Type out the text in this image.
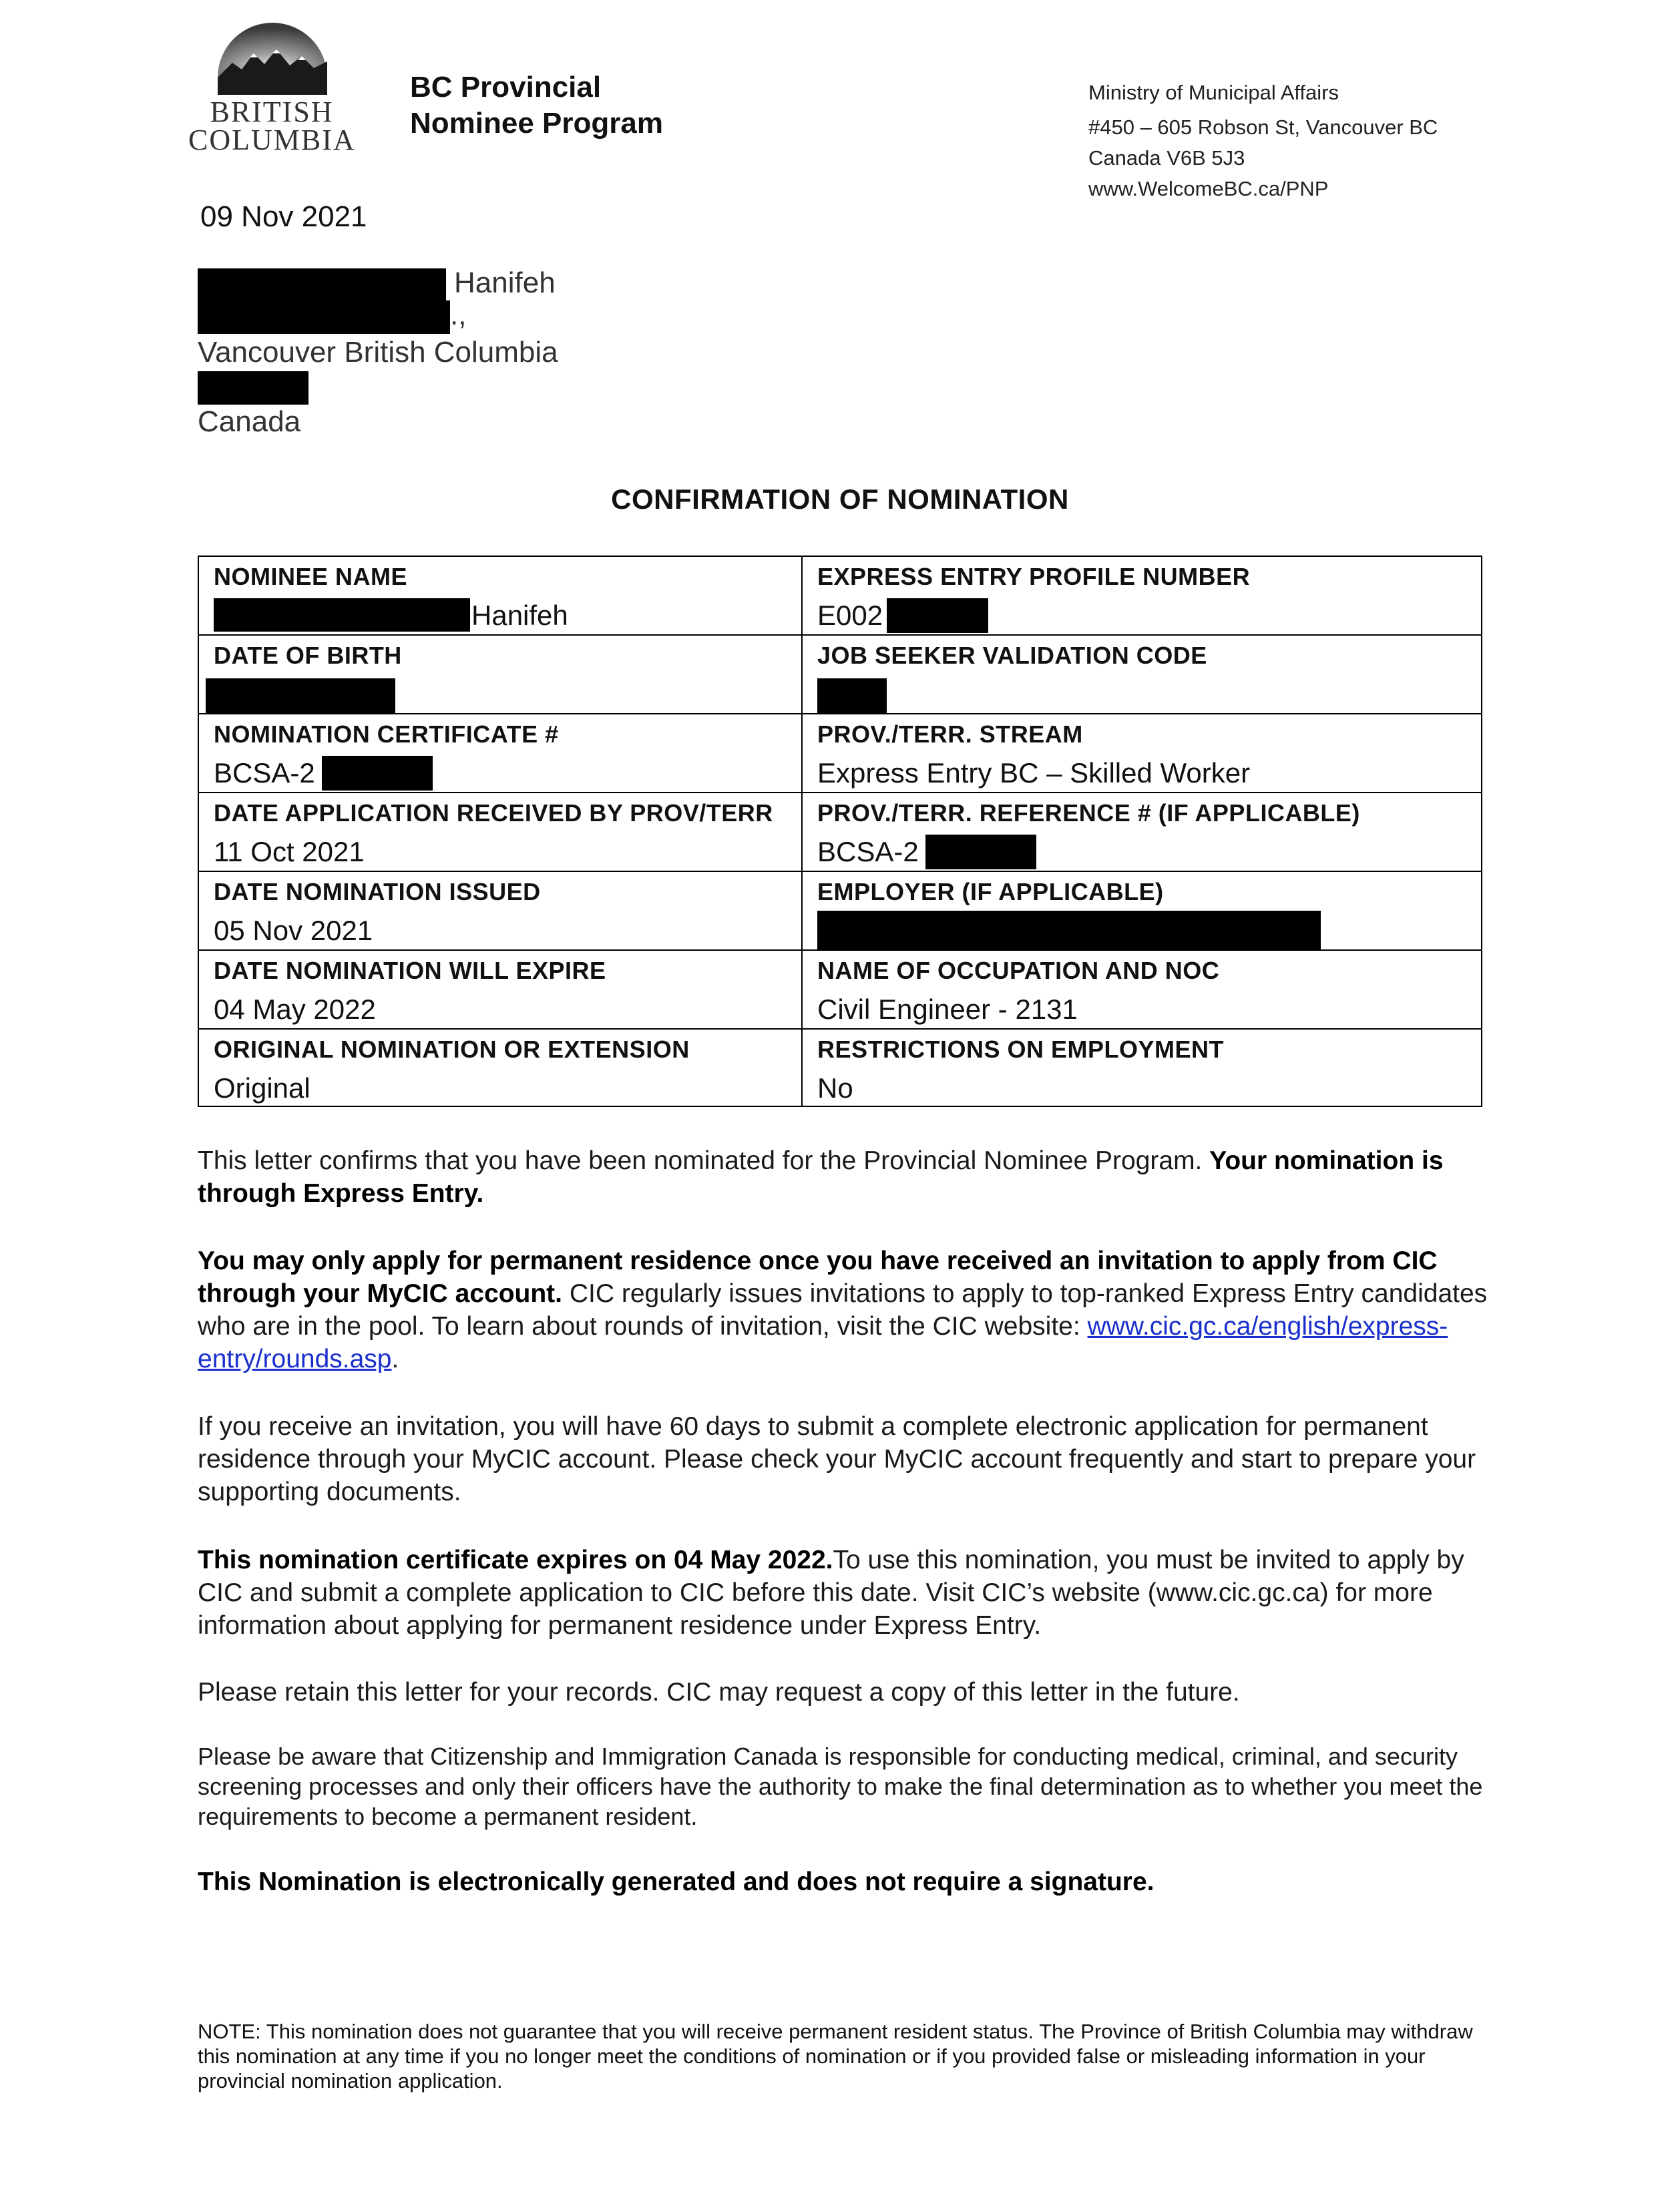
BRITISH
COLUMBIA
BC Provincial
Nominee Program
Ministry of Municipal Affairs
#450 – 605 Robson St, Vancouver BC
Canada V6B 5J3
www.WelcomeBC.ca/PNP
09 Nov 2021
Hanifeh
.,
Vancouver British Columbia
Canada
CONFIRMATION OF NOMINATION
NOMINEE NAME
Hanifeh
EXPRESS ENTRY PROFILE NUMBER
E002
DATE OF BIRTH	JOB SEEKER VALIDATION CODE
NOMINATION CERTIFICATE #
BCSA-2
PROV./TERR. STREAM
Express Entry BC – Skilled Worker
DATE APPLICATION RECEIVED BY PROV/TERR
11 Oct 2021
PROV./TERR. REFERENCE # (IF APPLICABLE)
BCSA-2
DATE NOMINATION ISSUED
05 Nov 2021
EMPLOYER (IF APPLICABLE)
DATE NOMINATION WILL EXPIRE
04 May 2022
NAME OF OCCUPATION AND NOC
Civil Engineer - 2131
ORIGINAL NOMINATION OR EXTENSION
Original
RESTRICTIONS ON EMPLOYMENT
No
This letter confirms that you have been nominated for the Provincial Nominee Program. Your nomination is through Express Entry.
You may only apply for permanent residence once you have received an invitation to apply from CIC through your MyCIC account. CIC regularly issues invitations to apply to top-ranked Express Entry candidates who are in the pool. To learn about rounds of invitation, visit the CIC website: www.cic.gc.ca/english/express-entry/rounds.asp.
If you receive an invitation, you will have 60 days to submit a complete electronic application for permanent residence through your MyCIC account. Please check your MyCIC account frequently and start to prepare your supporting documents.
This nomination certificate expires on 04 May 2022.To use this nomination, you must be invited to apply by CIC and submit a complete application to CIC before this date. Visit CIC’s website (www.cic.gc.ca) for more information about applying for permanent residence under Express Entry.
Please retain this letter for your records. CIC may request a copy of this letter in the future.
Please be aware that Citizenship and Immigration Canada is responsible for conducting medical, criminal, and security screening processes and only their officers have the authority to make the final determination as to whether you meet the requirements to become a permanent resident.
This Nomination is electronically generated and does not require a signature.
NOTE: This nomination does not guarantee that you will receive permanent resident status. The Province of British Columbia may withdraw this nomination at any time if you no longer meet the conditions of nomination or if you provided false or misleading information in your provincial nomination application.
